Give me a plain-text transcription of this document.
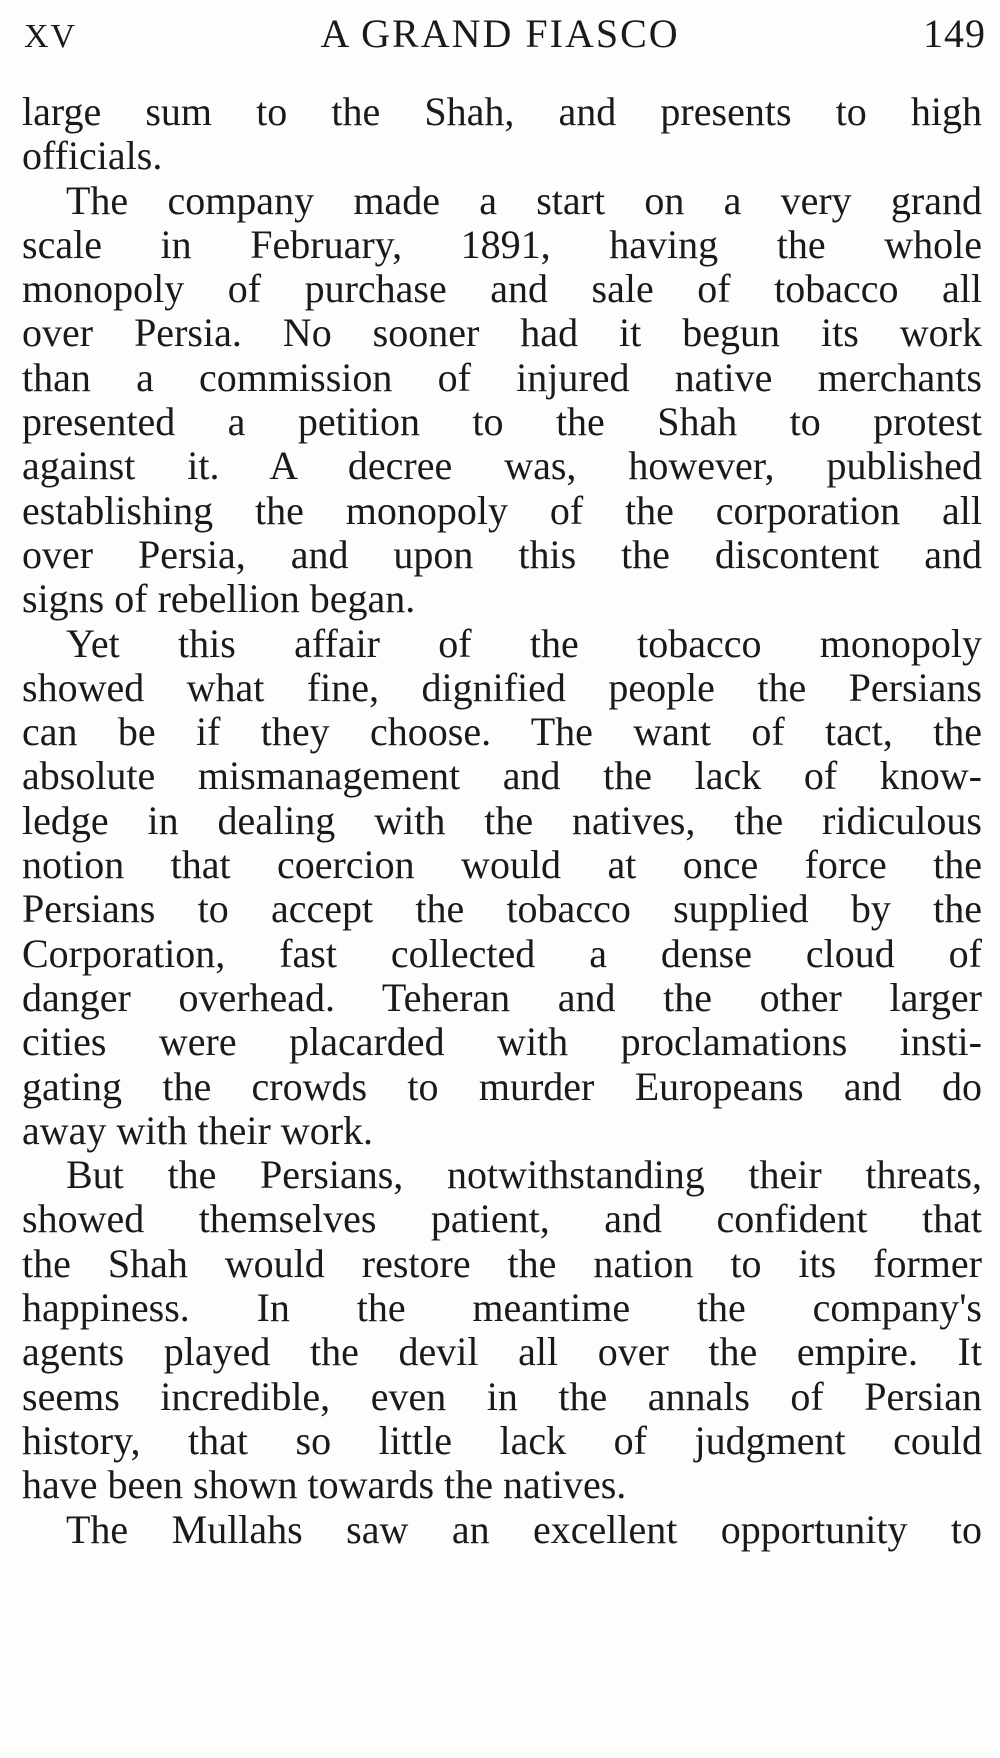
XV	A GRAND FIASCO	149

large sum to the Shah, and presents to high
officials.

The company made a start on a very grand
scale in February, 1891, having the whole
monopoly of purchase and sale of tobacco all
over Persia. No sooner had it begun its work
than a commission of injured native merchants
presented a petition to the Shah to protest
against it. A decree was, however, published
establishing the monopoly of the corporation all
over Persia, and upon this the discontent and
signs of rebellion began.

Yet this affair of the tobacco monopoly
showed what fine, dignified people the Persians
can be if they choose. The want of tact, the
absolute mismanagement and the lack of know-
ledge in dealing with the natives, the ridiculous
notion that coercion would at once force the
Persians to accept the tobacco supplied by the
Corporation, fast collected a dense cloud of
danger overhead. Teheran and the other larger
cities were placarded with proclamations insti-
gating the crowds to murder Europeans and do
away with their work.

But the Persians, notwithstanding their threats,
showed themselves patient, and confident that
the Shah would restore the nation to its former
happiness. In the meantime the company's
agents played the devil all over the empire. It
seems incredible, even in the annals of Persian
history, that so little lack of judgment could
have been shown towards the natives.

The Mullahs saw an excellent opportunity to
